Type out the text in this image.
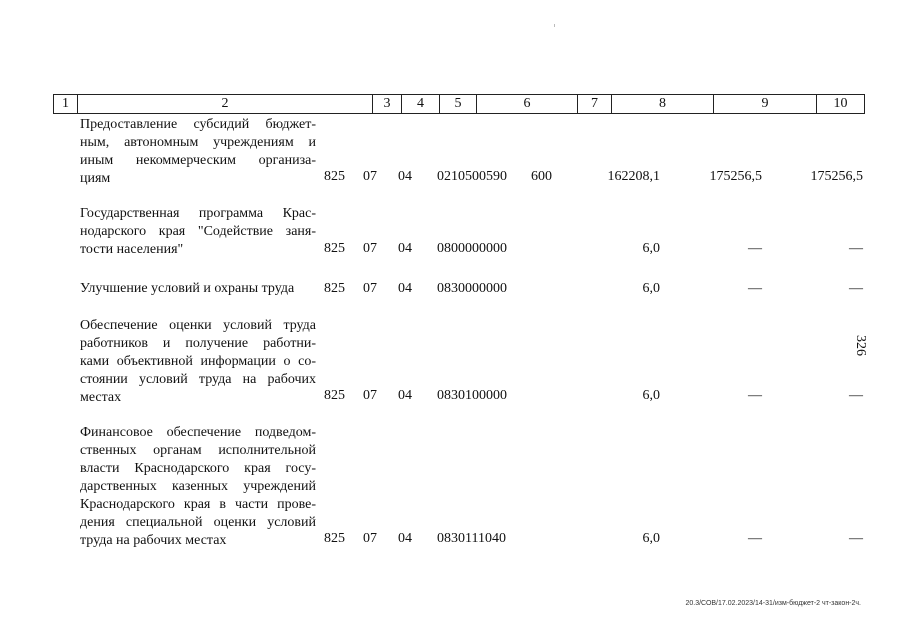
1	2	3	4	5	6	7	8	9	10
Предоставление субсидий бюджет-
ным, автономным учреждениям и
иным некоммерческим организа-
циям	825 07 04 0210500590 600	162208,1	175256,5	175256,5
Государственная программа Крас-
нодарского края "Содействие заня-
тости населения"	825 07 04 0800000000	6,0	—	—
Улучшение условий и охраны труда	825 07 04 0830000000	6,0	—	—
Обеспечение оценки условий труда
работников и получение работни-
ками объективной информации о со-
стоянии условий труда на рабочих
местах	825 07 04 0830100000	6,0	—	—
Финансовое обеспечение подведом-
ственных органам исполнительной
власти Краснодарского края госу-
дарственных казенных учреждений
Краснодарского края в части прове-
дения специальной оценки условий
труда на рабочих местах	825 07 04 0830111040	6,0	—	—
326
20.3/СОВ/17.02.2023/14-31/изм-бюджет-2 чт-закон-2ч.
